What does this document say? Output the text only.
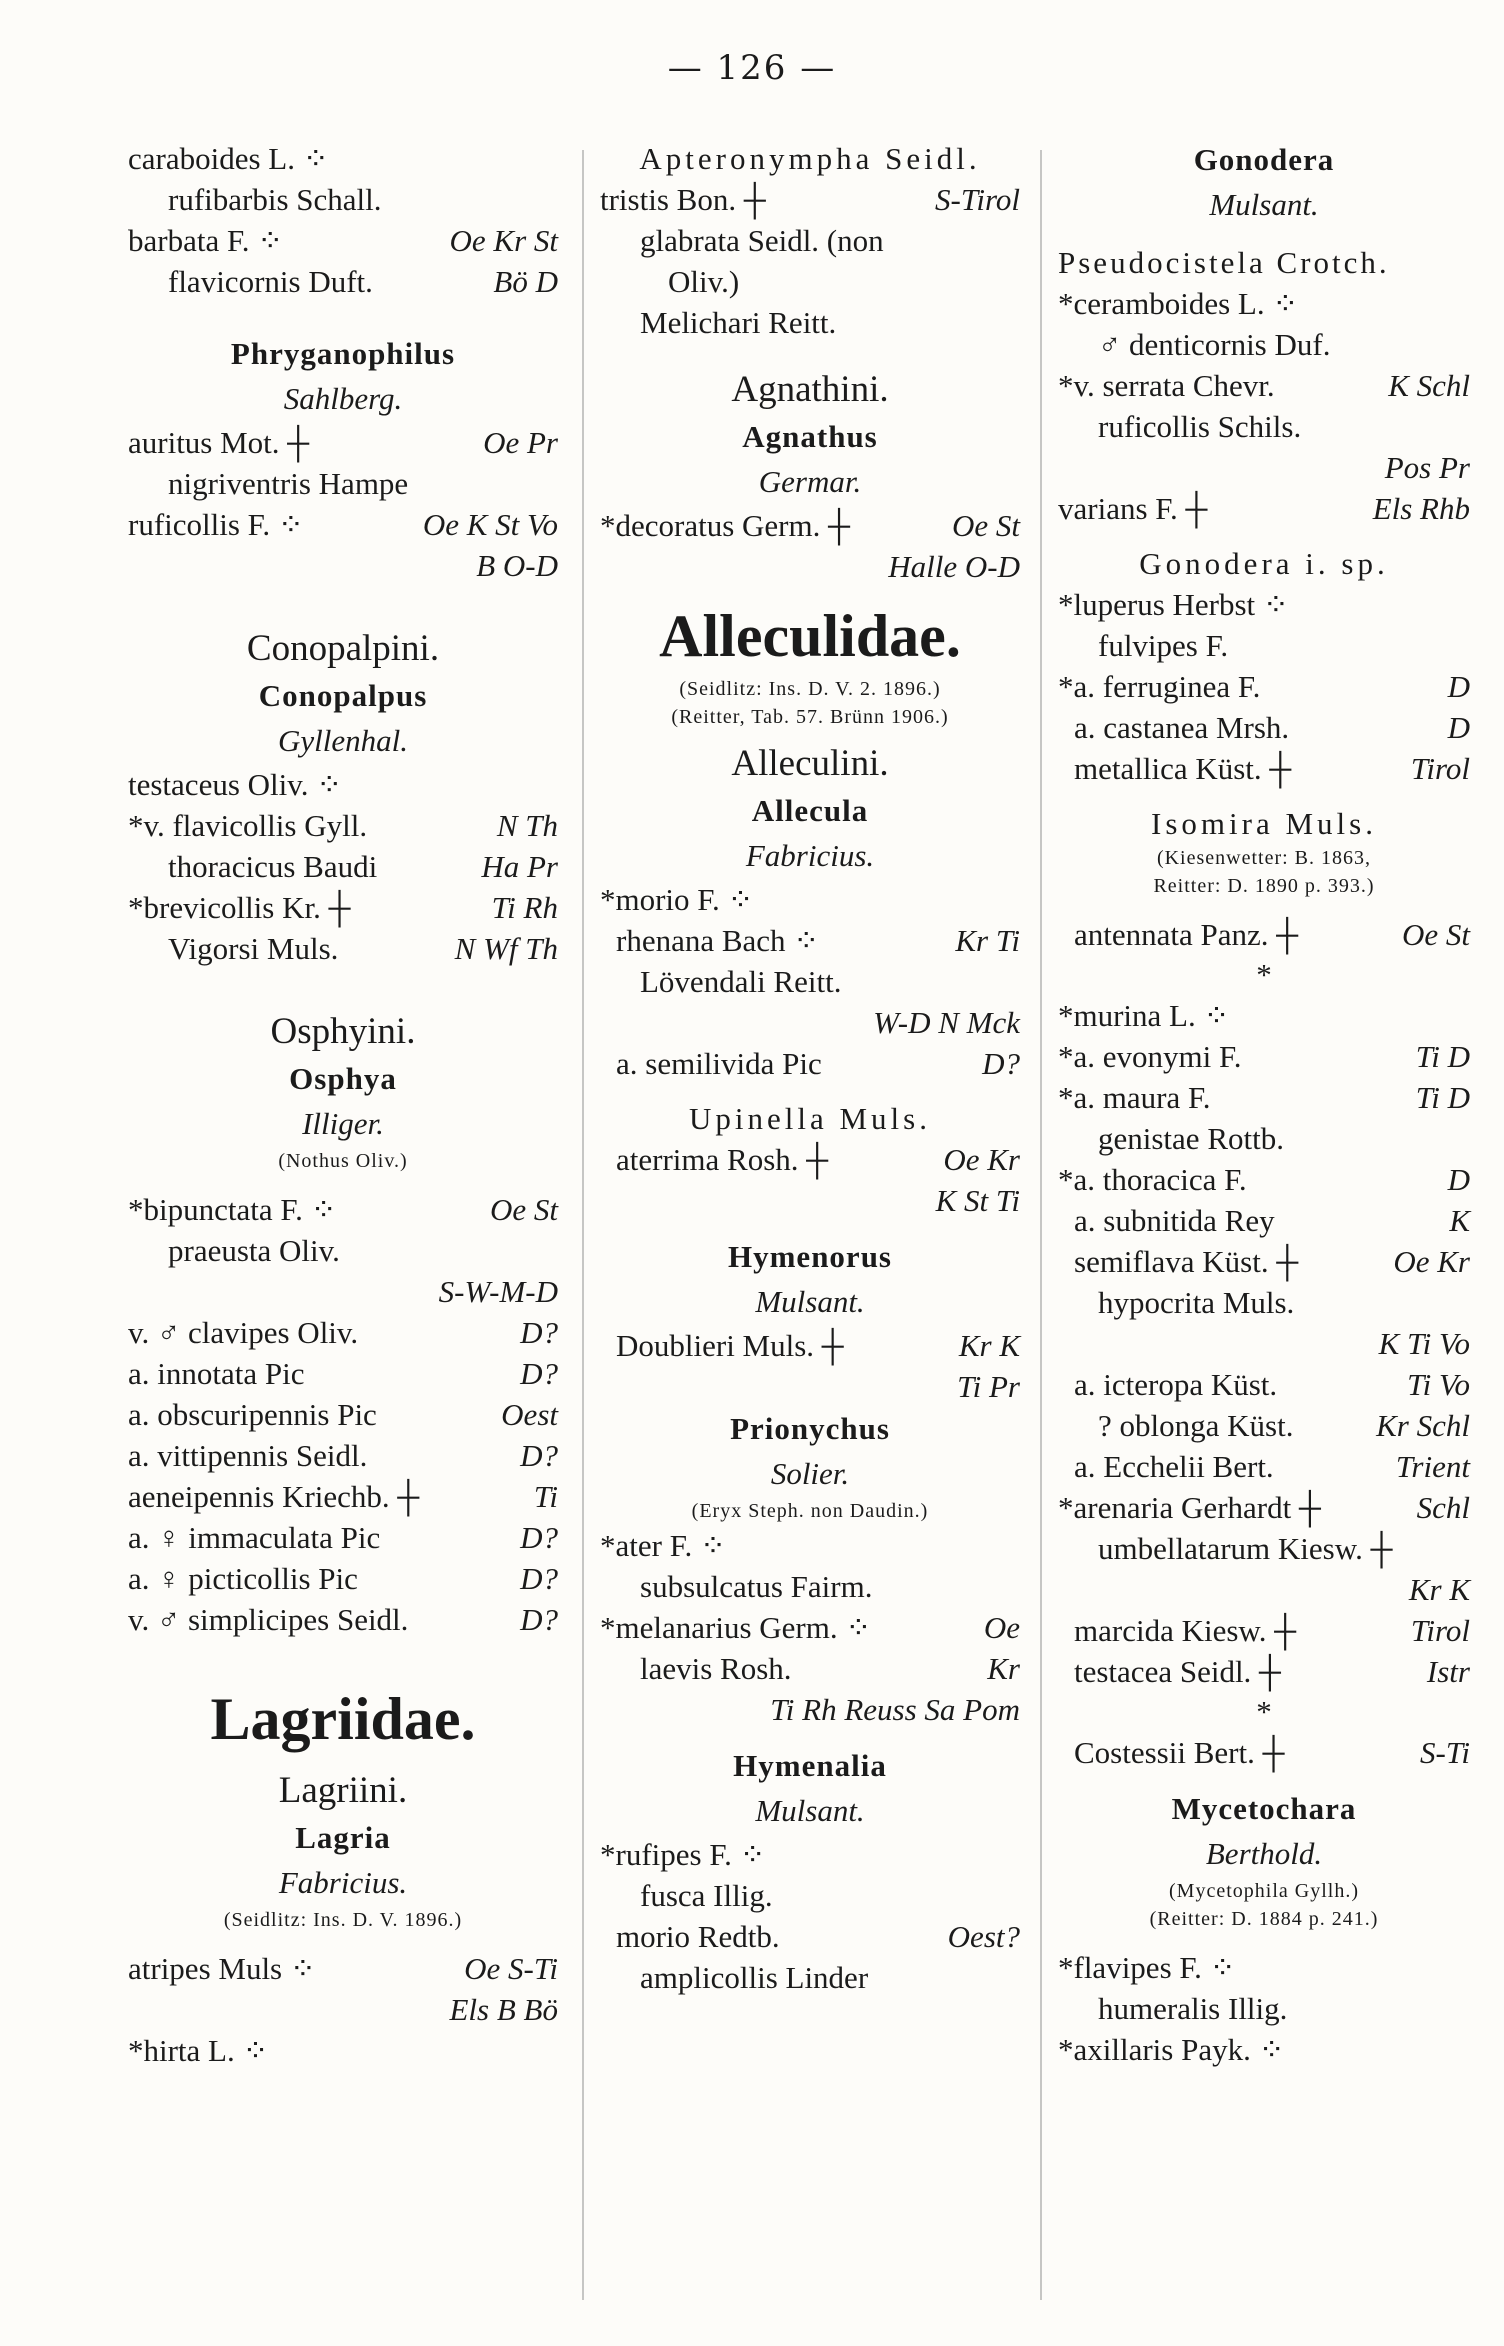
— 126 —
caraboides L. ⁘
rufibarbis Schall.
barbata F. ⁘	Oe Kr St
flavicornis Duft.	Bö D
Phryganophilus
Sahlberg.
auritus Mot. ┼	Oe Pr
nigriventris Hampe
ruficollis F. ⁘	Oe K St Vo
B O-D
Conopalpini.
Conopalpus
Gyllenhal.
testaceus Oliv. ⁘
*v. flavicollis Gyll.	N Th
thoracicus Baudi	Ha Pr
*brevicollis Kr. ┼	Ti Rh
Vigorsi Muls.	N Wf Th
Osphyini.
Osphya
Illiger.
(Nothus Oliv.)
*bipunctata F. ⁘	Oe St
praeusta Oliv.
S-W-M-D
v. ♂ clavipes Oliv.	D?
a. innotata Pic	D?
a. obscuripennis Pic	Oest
a. vittipennis Seidl.	D?
aeneipennis Kriechb. ┼	Ti
a. ♀ immaculata Pic	D?
a. ♀ picticollis Pic	D?
v. ♂ simplicipes Seidl.	D?
Lagriidae.
Lagriini.
Lagria
Fabricius.
(Seidlitz: Ins. D. V. 1896.)
atripes Muls ⁘	Oe S-Ti
Els B Bö
*hirta L. ⁘
Apteronympha Seidl.
tristis Bon. ┼	S-Tirol
glabrata Seidl. (non
Oliv.)
Melichari Reitt.
Agnathini.
Agnathus
Germar.
*decoratus Germ. ┼	Oe St
Halle O-D
Alleculidae.
(Seidlitz: Ins. D. V. 2. 1896.)
(Reitter, Tab. 57. Brünn 1906.)
Alleculini.
Allecula
Fabricius.
*morio F. ⁘
rhenana Bach ⁘	Kr Ti
Lövendali Reitt.
W-D N Mck
a. semilivida Pic	D?
Upinella Muls.
aterrima Rosh. ┼	Oe Kr
K St Ti
Hymenorus
Mulsant.
Doublieri Muls. ┼	Kr K
Ti Pr
Prionychus
Solier.
(Eryx Steph. non Daudin.)
*ater F. ⁘
subsulcatus Fairm.
*melanarius Germ. ⁘	Oe
laevis Rosh.	Kr
Ti Rh Reuss Sa Pom
Hymenalia
Mulsant.
*rufipes F. ⁘
fusca Illig.
morio Redtb.	Oest?
amplicollis Linder
Gonodera
Mulsant.
Pseudocistela Crotch.
*ceramboides L. ⁘
♂ denticornis Duf.
*v. serrata Chevr.	K Schl
ruficollis Schils.
Pos Pr
varians F. ┼	Els Rhb
Gonodera i. sp.
*luperus Herbst ⁘
fulvipes F.
*a. ferruginea F.	D
a. castanea Mrsh.	D
metallica Küst. ┼	Tirol
Isomira Muls.
(Kiesenwetter: B. 1863,
Reitter: D. 1890 p. 393.)
antennata Panz. ┼	Oe St
*
*murina L. ⁘
*a. evonymi F.	Ti D
*a. maura F.	Ti D
genistae Rottb.
*a. thoracica F.	D
a. subnitida Rey	K
semiflava Küst. ┼	Oe Kr
hypocrita Muls.
K Ti Vo
a. icteropa Küst.	Ti Vo
? oblonga Küst.	Kr Schl
a. Ecchelii Bert.	Trient
*arenaria Gerhardt ┼	Schl
umbellatarum Kiesw. ┼
Kr K
marcida Kiesw. ┼	Tirol
testacea Seidl. ┼	Istr
*
Costessii Bert. ┼	S-Ti
Mycetochara
Berthold.
(Mycetophila Gyllh.)
(Reitter: D. 1884 p. 241.)
*flavipes F. ⁘
humeralis Illig.
*axillaris Payk. ⁘
